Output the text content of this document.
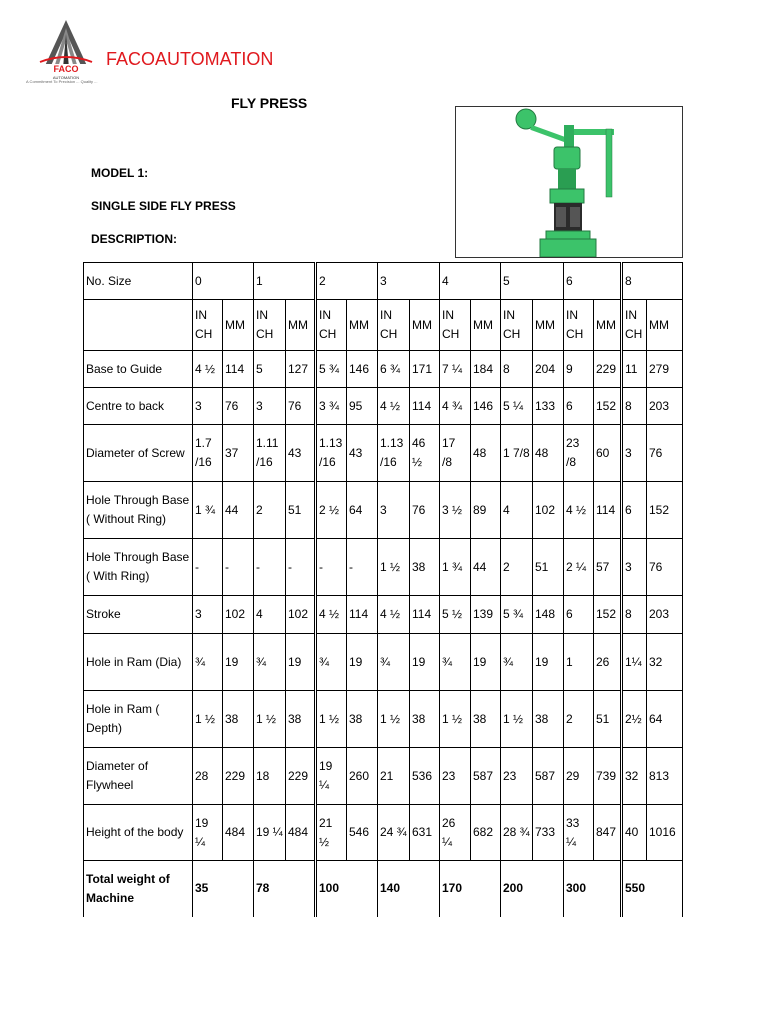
FACO
AUTOMATION
FACOAUTOMATION
A Commitment To Precision ... Quality ...
FLY PRESS
MODEL 1:
SINGLE SIDE FLY PRESS
DESCRIPTION:
No. Size	0		1		2		3		4		5		6		8	
	IN CH	MM	IN CH	MM	IN CH	MM	IN CH	MM	IN CH	MM	IN CH	MM	IN CH	MM	IN CH	MM
Base to Guide	4 ½	114	5	127	5 ¾	146	6 ¾	171	7 ¼	184	8	204	9	229	11	279
Centre to back	3	76	3	76	3 ¾	95	4 ½	114	4 ¾	146	5 ¼	133	6	152	8	203
Diameter of Screw	1.7 /16	37	1.11 /16	43	1.13 /16	43	1.13 /16	46 ½	17 /8	48	1 7/8	48	23 /8	60	3	76
Hole Through Base ( Without Ring)	1 ¾	44	2	51	2 ½	64	3	76	3 ½	89	4	102	4 ½	114	6	152
Hole Through Base ( With Ring)	-	-	-	-	-	-	1 ½	38	1 ¾	44	2	51	2 ¼	57	3	76
Stroke	3	102	4	102	4 ½	114	4 ½	114	5 ½	139	5 ¾	148	6	152	8	203
Hole in Ram (Dia)	¾	19	¾	19	¾	19	¾	19	¾	19	¾	19	1	26	1¼	32
Hole in Ram ( Depth)	1 ½	38	1 ½	38	1 ½	38	1 ½	38	1 ½	38	1 ½	38	2	51	2½	64
Diameter of Flywheel	28	229	18	229	19 ¼	260	21	536	23	587	23	587	29	739	32	813
Height of the body	19 ¼	484	19 ¼	484	21 ½	546	24 ¾	631	26 ¼	682	28 ¾	733	33 ¼	847	40	1016
Total weight of Machine	35		78		100		140		170		200		300		550	
